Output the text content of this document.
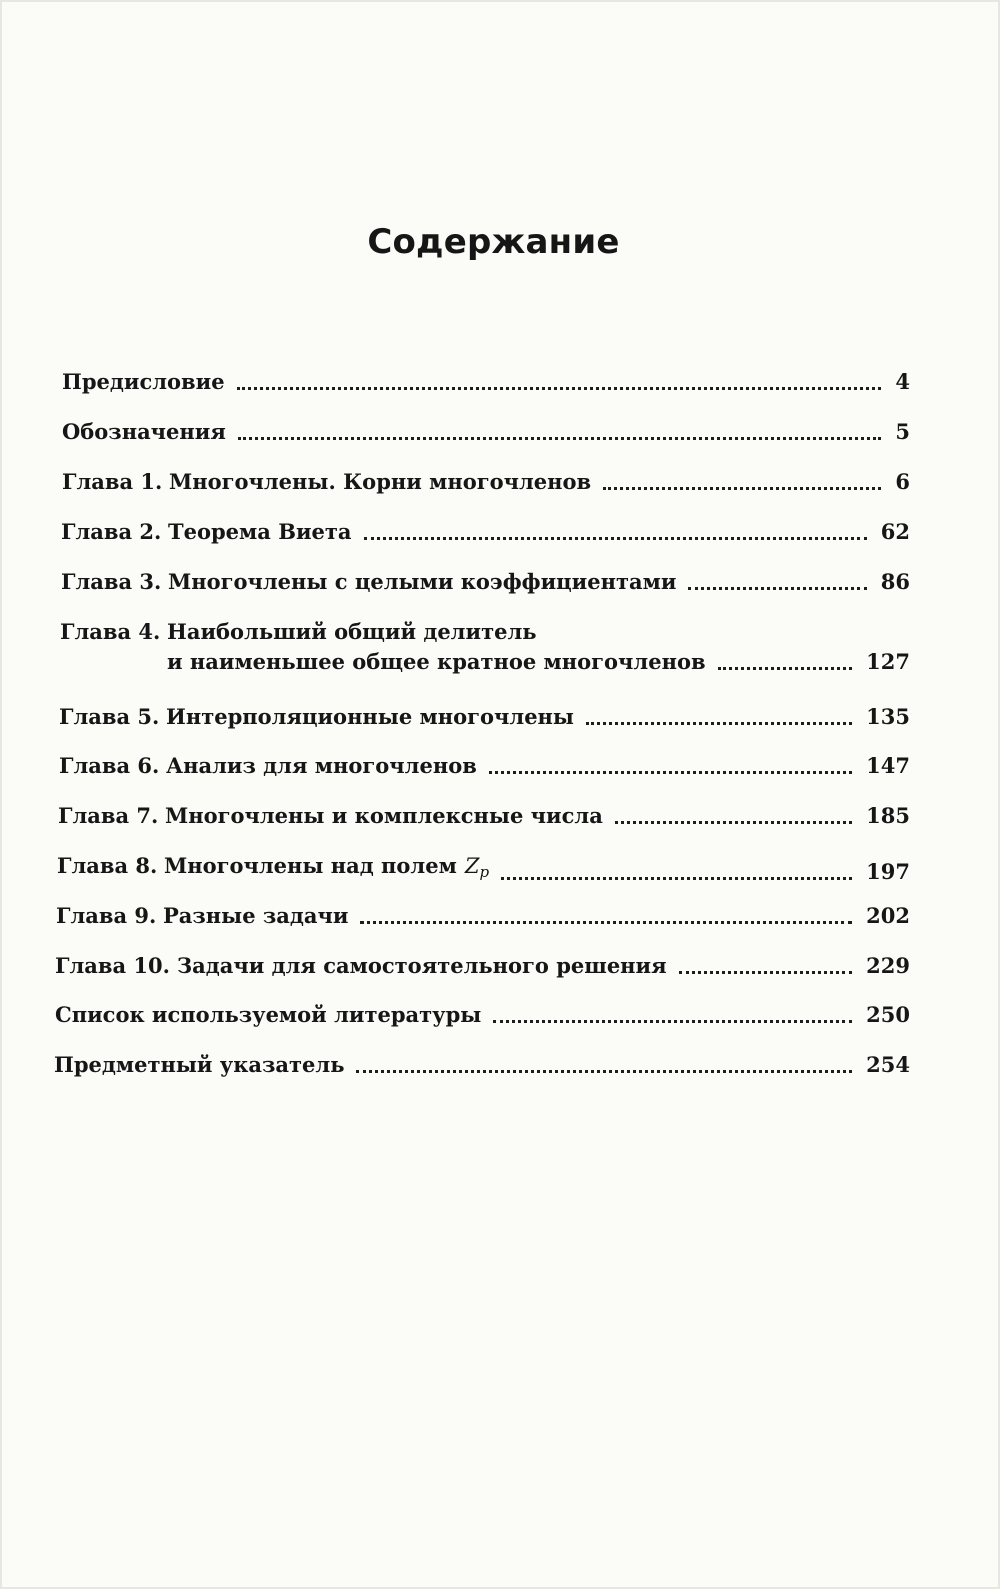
Содержание
Предисловие	4
Обозначения	5
Глава 1. Многочлены. Корни многочленов	6
Глава 2. Теорема Виета	62
Глава 3. Многочлены с целыми коэффициентами	86
Глава 4. Наибольший общий делитель
и наименьшее общее кратное многочленов	127
Глава 5. Интерполяционные многочлены	135
Глава 6. Анализ для многочленов	147
Глава 7. Многочлены и комплексные числа	185
Глава 8. Многочлены над полем $Z_p$	197
Глава 9. Разные задачи	202
Глава 10. Задачи для самостоятельного решения	229
Список используемой литературы	250
Предметный указатель	254
